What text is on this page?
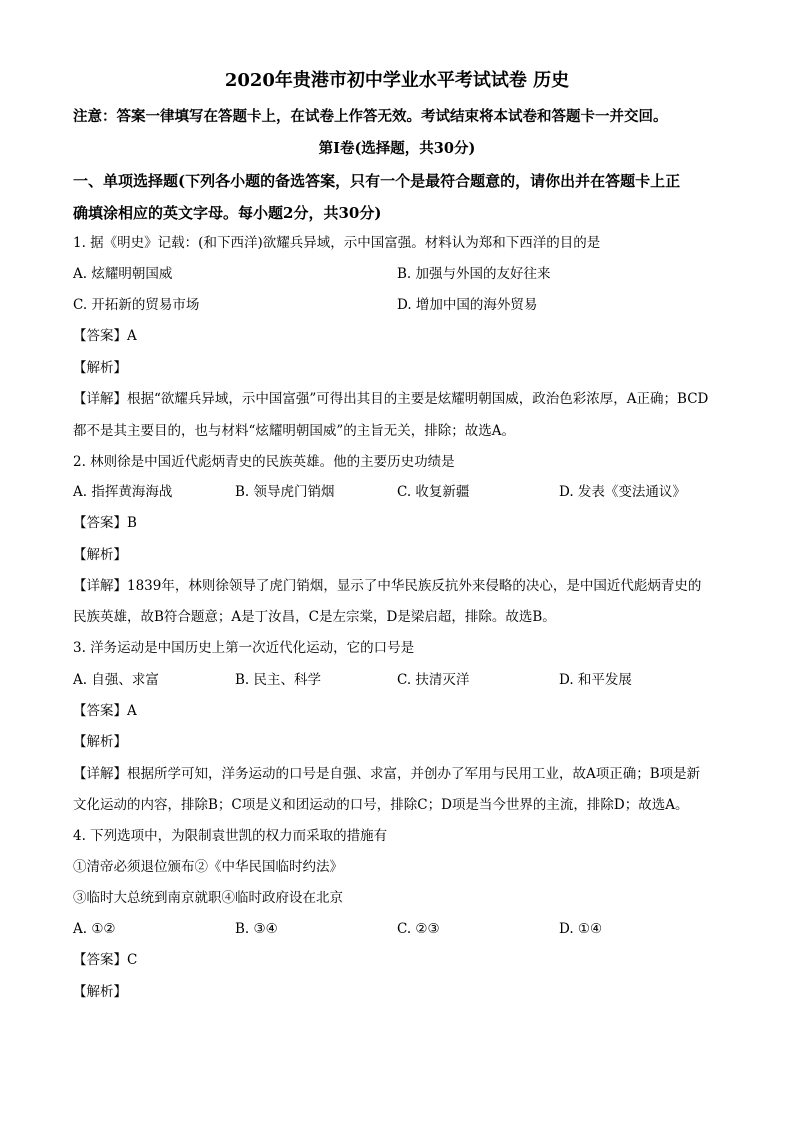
2020年贵港市初中学业水平考试试卷 历史
注意：答案一律填写在答题卡上，在试卷上作答无效。考试结束将本试卷和答题卡一并交回。
第Ⅰ卷(选择题，共30分)
一、单项选择题(下列各小题的备选答案，只有一个是最符合题意的，请你出并在答题卡上正
确填涂相应的英文字母。每小题2分，共30分)
1. 据《明史》记载：(和下西洋)欲耀兵异域，示中国富强。材料认为郑和下西洋的目的是
A. 炫耀明朝国威	B. 加强与外国的友好往来
C. 开拓新的贸易市场	D. 增加中国的海外贸易
【答案】A
【解析】
【详解】根据“欲耀兵异域，示中国富强”可得出其目的主要是炫耀明朝国威，政治色彩浓厚，A正确；BCD
都不是其主要目的，也与材料“炫耀明朝国威”的主旨无关，排除；故选A。
2. 林则徐是中国近代彪炳青史的民族英雄。他的主要历史功绩是
A. 指挥黄海海战	B. 领导虎门销烟	C. 收复新疆	D. 发表《变法通议》
【答案】B
【解析】
【详解】1839年，林则徐领导了虎门销烟，显示了中华民族反抗外来侵略的决心，是中国近代彪炳青史的
民族英雄，故B符合题意；A是丁汝昌，C是左宗棠，D是梁启超，排除。故选B。
3. 洋务运动是中国历史上第一次近代化运动，它的口号是
A. 自强、求富	B. 民主、科学	C. 扶清灭洋	D. 和平发展
【答案】A
【解析】
【详解】根据所学可知，洋务运动的口号是自强、求富，并创办了军用与民用工业，故A项正确；B项是新
文化运动的内容，排除B；C项是义和团运动的口号，排除C；D项是当今世界的主流，排除D；故选A。
4. 下列选项中，为限制袁世凯的权力而采取的措施有
①清帝必须退位颁布②《中华民国临时约法》
③临时大总统到南京就职④临时政府设在北京
A. ①②	B. ③④	C. ②③	D. ①④
【答案】C
【解析】
